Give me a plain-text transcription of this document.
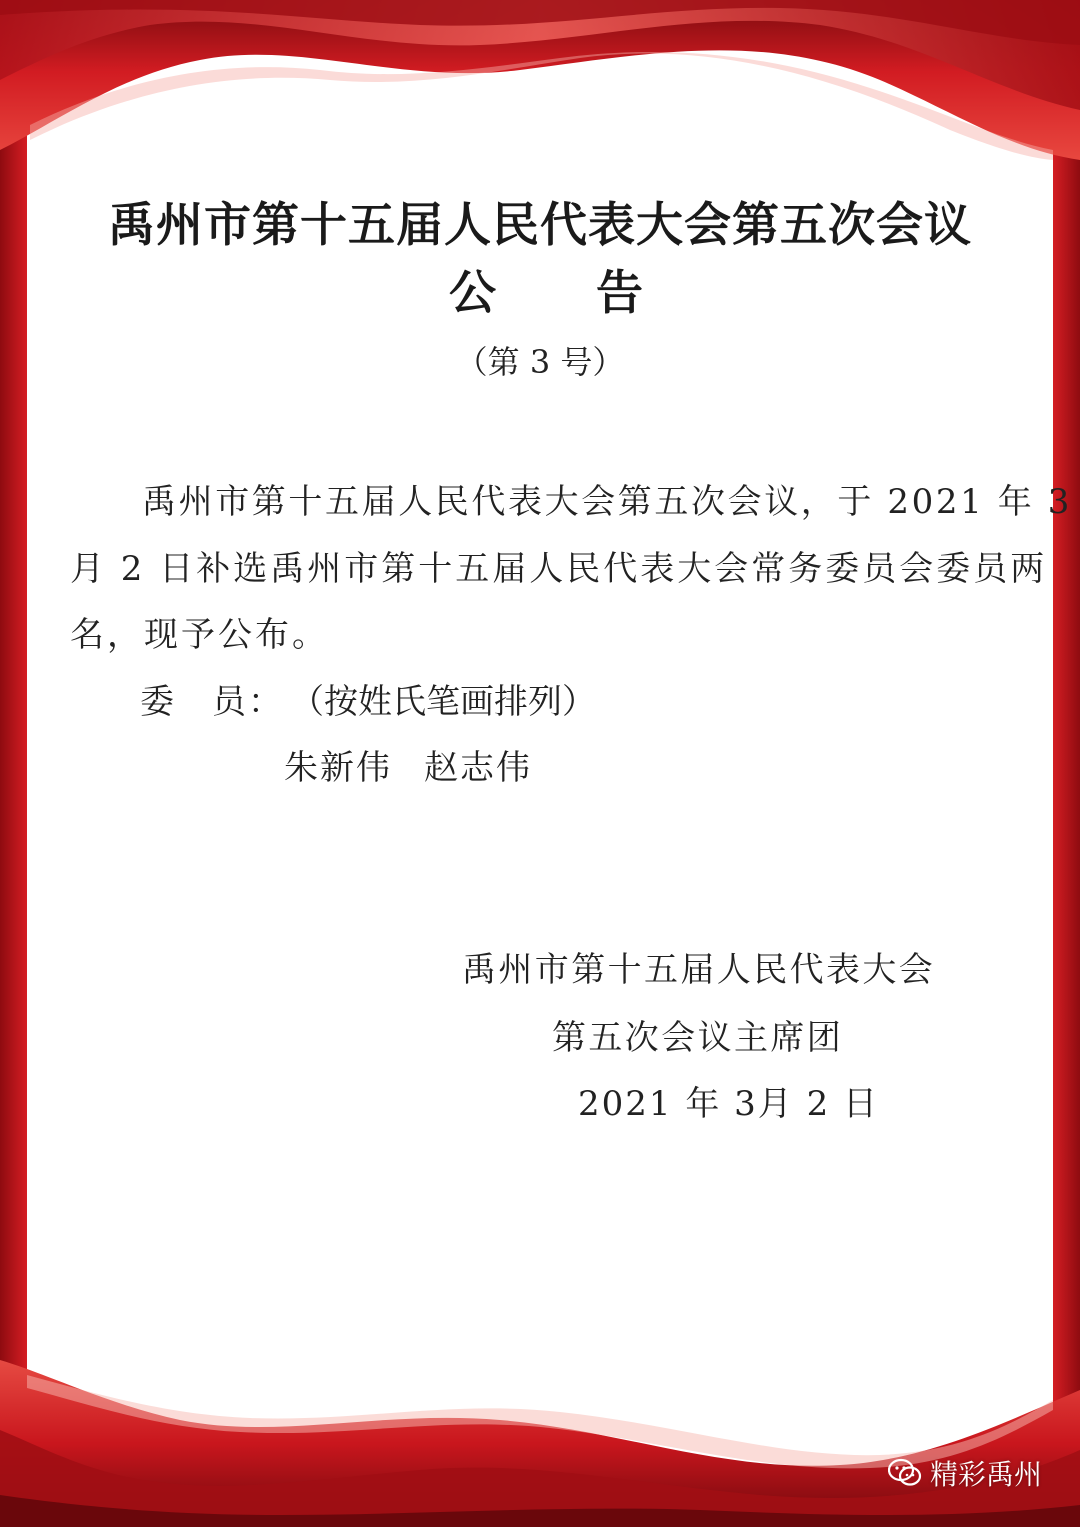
禹州市第十五届人民代表大会第五次会议
公 告
（第 3 号）
禹州市第十五届人民代表大会第五次会议，于 2021 年 3
月 2 日补选禹州市第十五届人民代表大会常务委员会委员两
名，现予公布。
委　员： （按姓氏笔画排列）
朱新伟 赵志伟
禹州市第十五届人民代表大会
第五次会议主席团
2021 年 3月 2 日
精彩禹州
